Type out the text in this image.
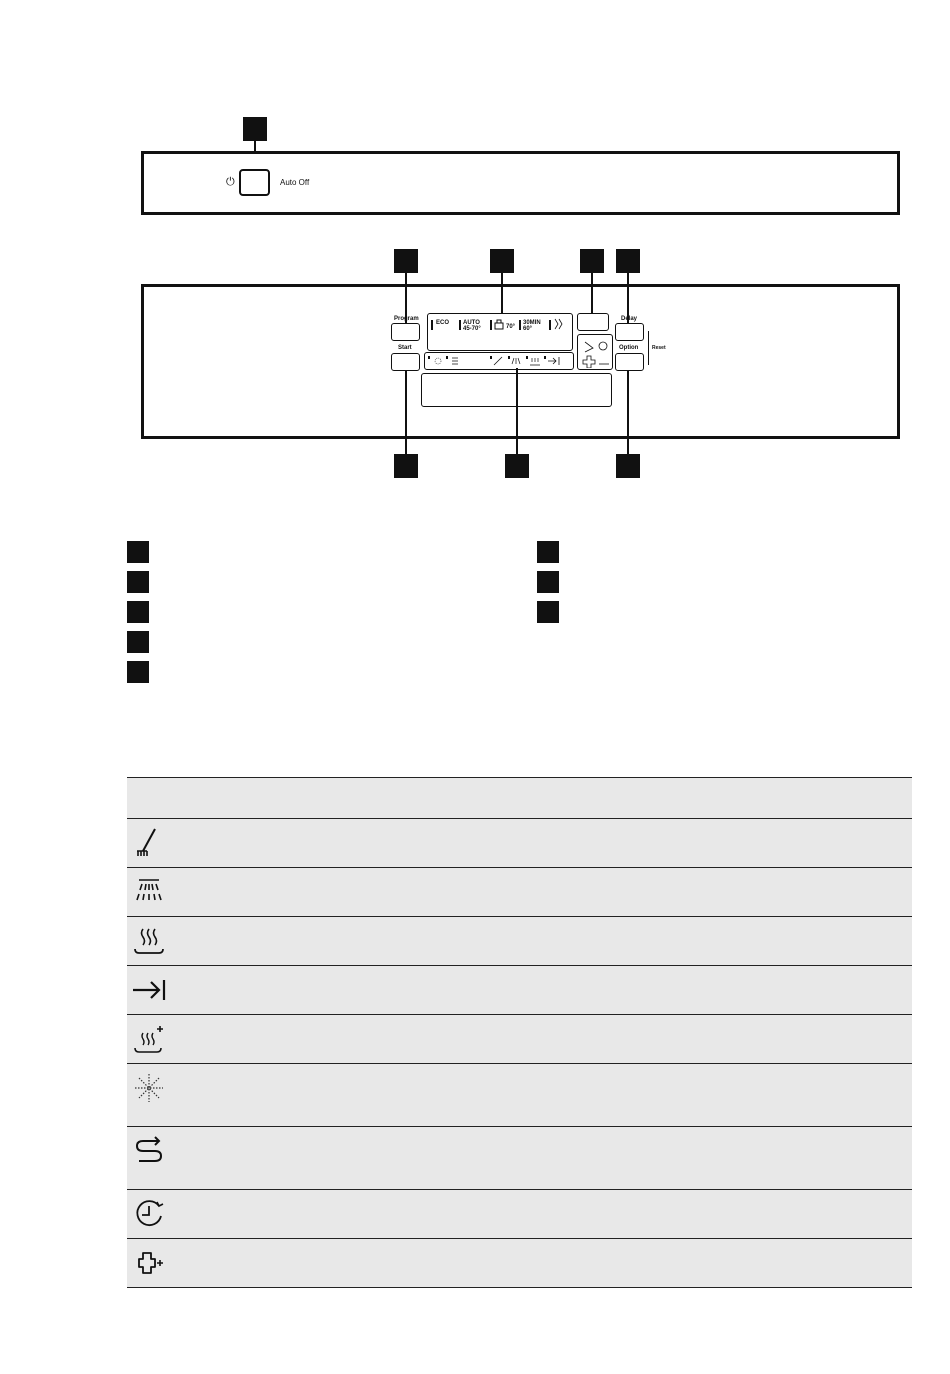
⏻	Auto Off
Program
Start
ECO AUTO 45-70°	70°
30MIN 60°
Delay
Option	Reset
